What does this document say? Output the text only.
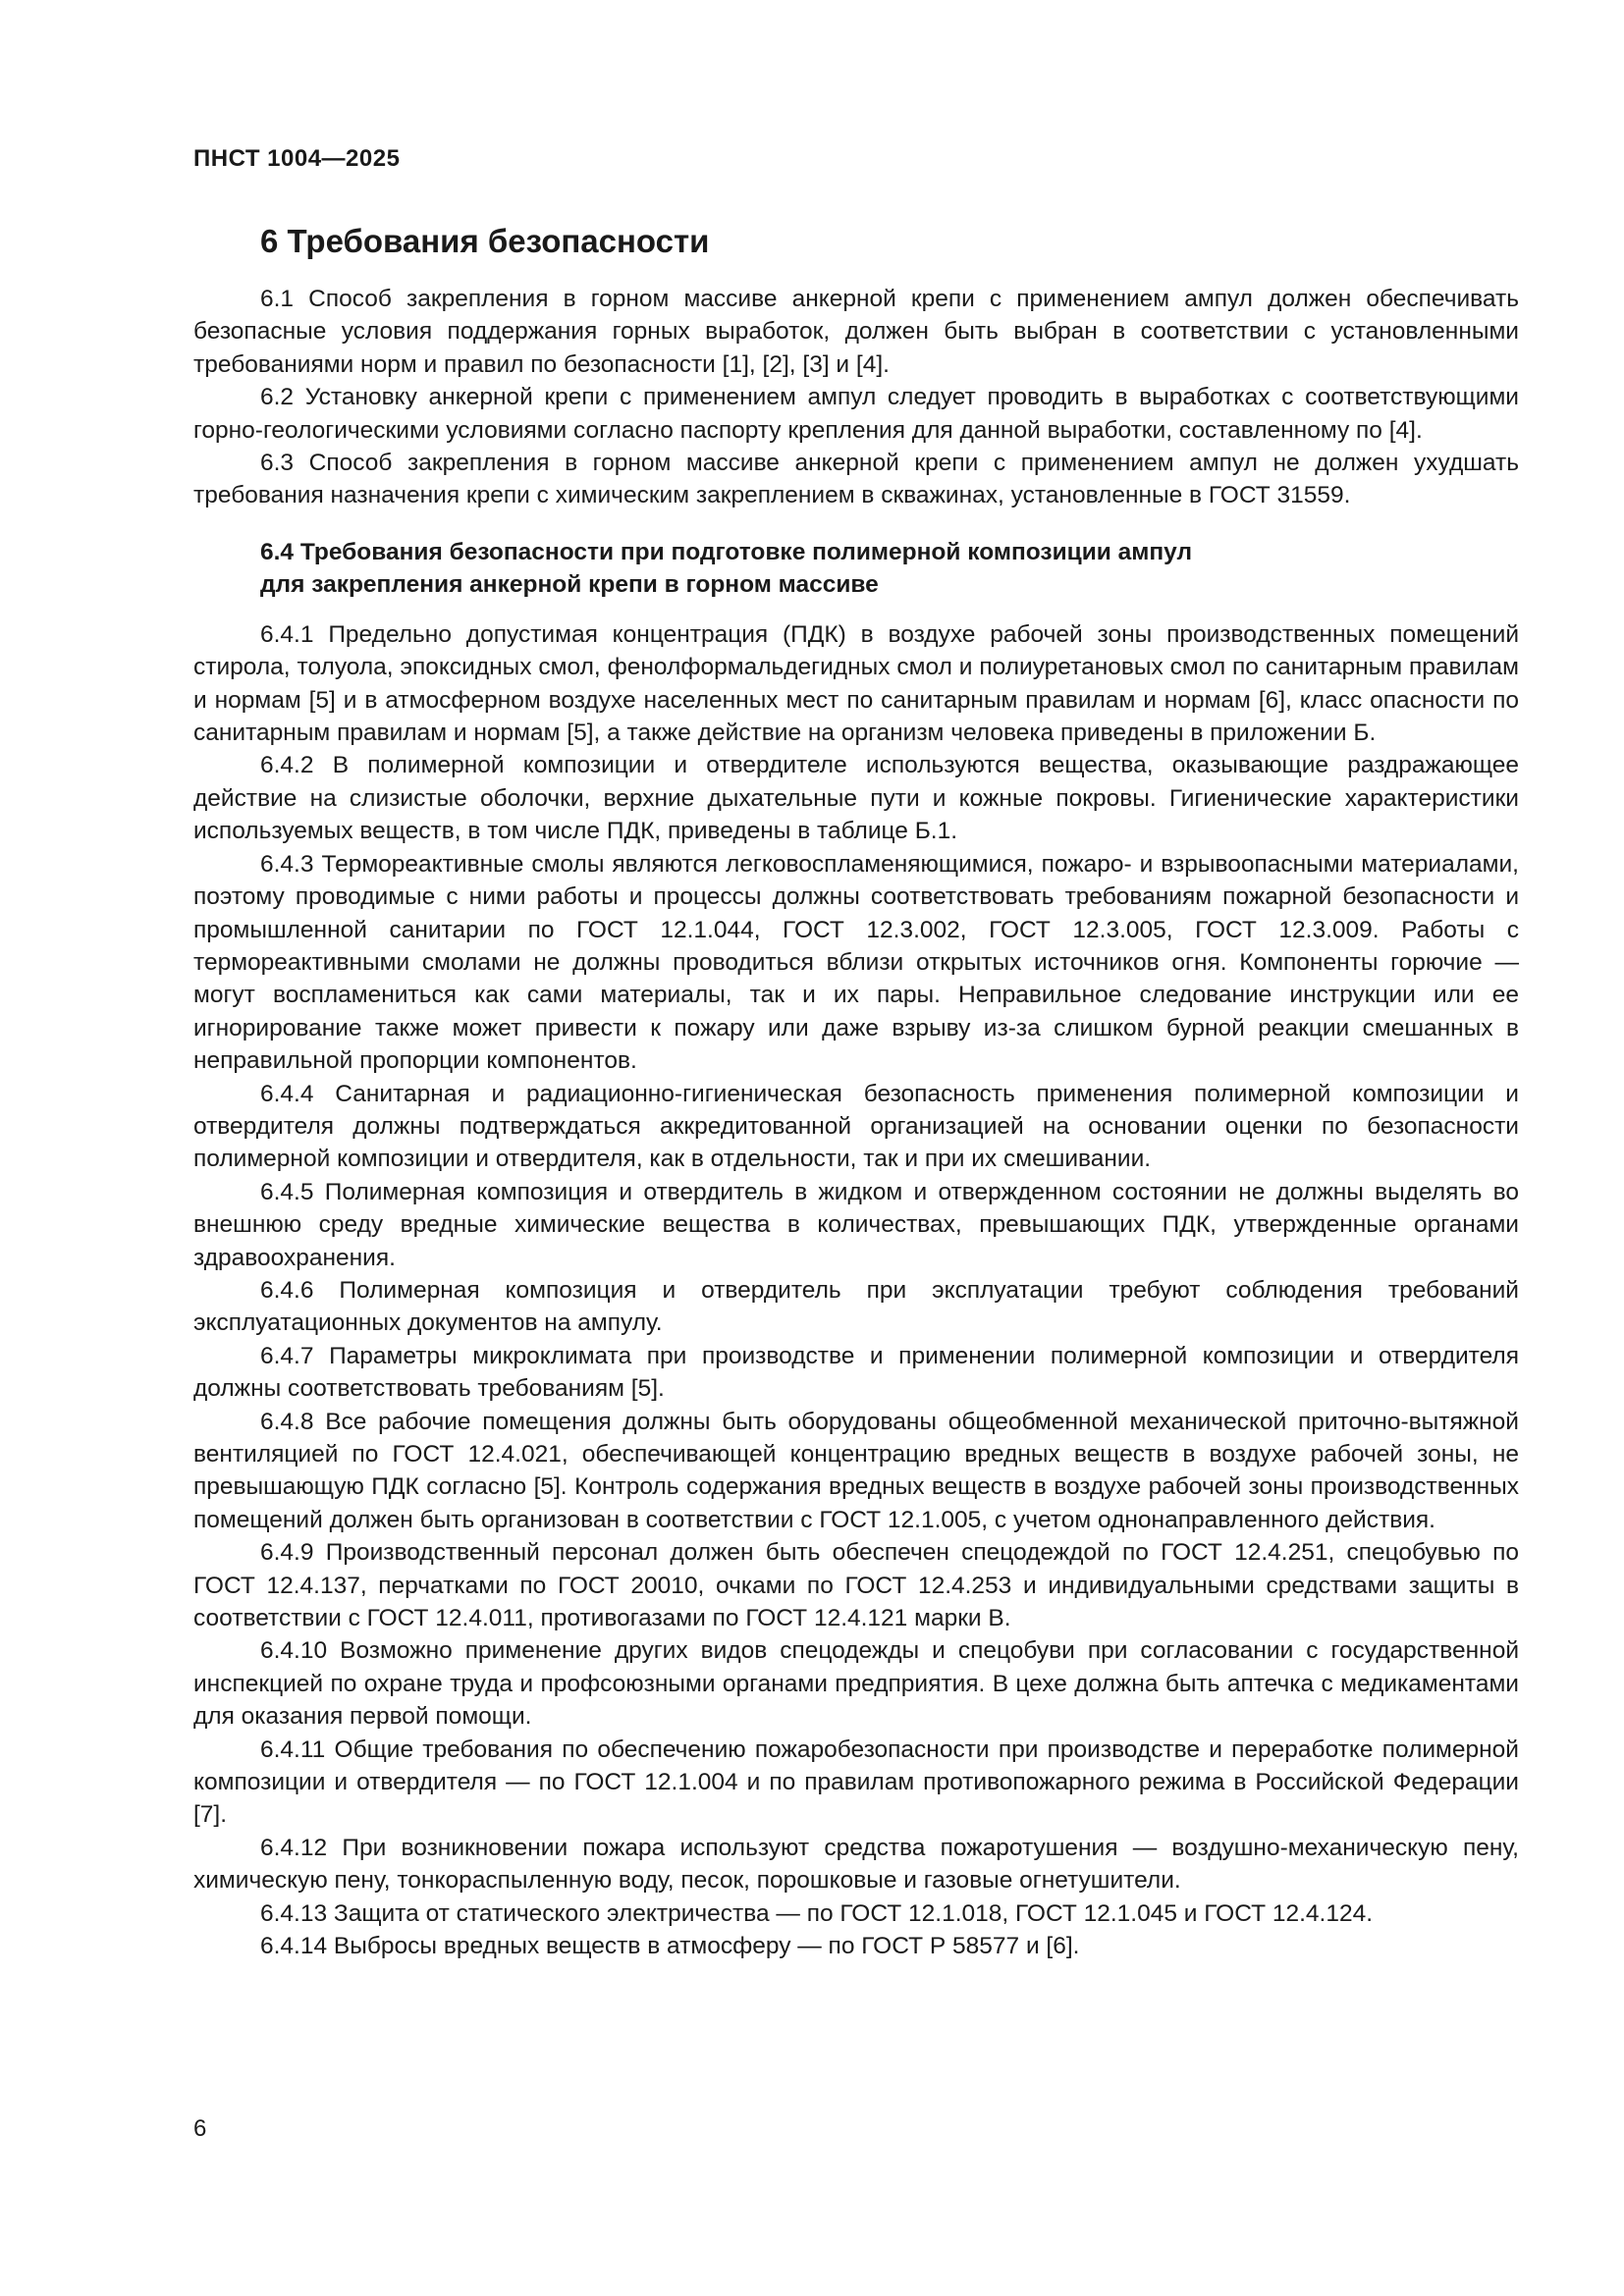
ПНСТ 1004—2025
6 Требования безопасности

6.1 Способ закрепления в горном массиве анкерной крепи с применением ампул должен обеспечивать безопасные условия поддержания горных выработок, должен быть выбран в соответствии с установленными требованиями норм и правил по безопасности [1], [2], [3] и [4].

6.2 Установку анкерной крепи с применением ампул следует проводить в выработках с соответствующими горно-геологическими условиями согласно паспорту крепления для данной выработки, составленному по [4].

6.3 Способ закрепления в горном массиве анкерной крепи с применением ампул не должен ухудшать требования назначения крепи с химическим закреплением в скважинах, установленные в ГОСТ 31559.

6.4 Требования безопасности при подготовке полимерной композиции ампул
для закрепления анкерной крепи в горном массиве

6.4.1 Предельно допустимая концентрация (ПДК) в воздухе рабочей зоны производственных помещений стирола, толуола, эпоксидных смол, фенолформальдегидных смол и полиуретановых смол по санитарным правилам и нормам [5] и в атмосферном воздухе населенных мест по санитарным правилам и нормам [6], класс опасности по санитарным правилам и нормам [5], а также действие на организм человека приведены в приложении Б.

6.4.2 В полимерной композиции и отвердителе используются вещества, оказывающие раздражающее действие на слизистые оболочки, верхние дыхательные пути и кожные покровы. Гигиенические характеристики используемых веществ, в том числе ПДК, приведены в таблице Б.1.

6.4.3 Термореактивные смолы являются легковоспламеняющимися, пожаро- и взрывоопасными материалами, поэтому проводимые с ними работы и процессы должны соответствовать требованиям пожарной безопасности и промышленной санитарии по ГОСТ 12.1.044, ГОСТ 12.3.002, ГОСТ 12.3.005, ГОСТ 12.3.009. Работы с термореактивными смолами не должны проводиться вблизи открытых источников огня. Компоненты горючие — могут воспламениться как сами материалы, так и их пары. Неправильное следование инструкции или ее игнорирование также может привести к пожару или даже взрыву из-за слишком бурной реакции смешанных в неправильной пропорции компонентов.

6.4.4 Санитарная и радиационно-гигиеническая безопасность применения полимерной композиции и отвердителя должны подтверждаться аккредитованной организацией на основании оценки по безопасности полимерной композиции и отвердителя, как в отдельности, так и при их смешивании.

6.4.5 Полимерная композиция и отвердитель в жидком и отвержденном состоянии не должны выделять во внешнюю среду вредные химические вещества в количествах, превышающих ПДК, утвержденные органами здравоохранения.

6.4.6 Полимерная композиция и отвердитель при эксплуатации требуют соблюдения требований эксплуатационных документов на ампулу.

6.4.7 Параметры микроклимата при производстве и применении полимерной композиции и отвердителя должны соответствовать требованиям [5].

6.4.8 Все рабочие помещения должны быть оборудованы общеобменной механической приточно-вытяжной вентиляцией по ГОСТ 12.4.021, обеспечивающей концентрацию вредных веществ в воздухе рабочей зоны, не превышающую ПДК согласно [5]. Контроль содержания вредных веществ в воздухе рабочей зоны производственных помещений должен быть организован в соответствии с ГОСТ 12.1.005, с учетом однонаправленного действия.

6.4.9 Производственный персонал должен быть обеспечен спецодеждой по ГОСТ 12.4.251, спецобувью по ГОСТ 12.4.137, перчатками по ГОСТ 20010, очками по ГОСТ 12.4.253 и индивидуальными средствами защиты в соответствии с ГОСТ 12.4.011, противогазами по ГОСТ 12.4.121 марки В.

6.4.10 Возможно применение других видов спецодежды и спецобуви при согласовании с государственной инспекцией по охране труда и профсоюзными органами предприятия. В цехе должна быть аптечка с медикаментами для оказания первой помощи.

6.4.11 Общие требования по обеспечению пожаробезопасности при производстве и переработке полимерной композиции и отвердителя — по ГОСТ 12.1.004 и по правилам противопожарного режима в Российской Федерации [7].

6.4.12 При возникновении пожара используют средства пожаротушения — воздушно-механическую пену, химическую пену, тонкораспыленную воду, песок, порошковые и газовые огнетушители.

6.4.13 Защита от статического электричества — по ГОСТ 12.1.018, ГОСТ 12.1.045 и ГОСТ 12.4.124.

6.4.14 Выбросы вредных веществ в атмосферу — по ГОСТ Р 58577 и [6].

6
